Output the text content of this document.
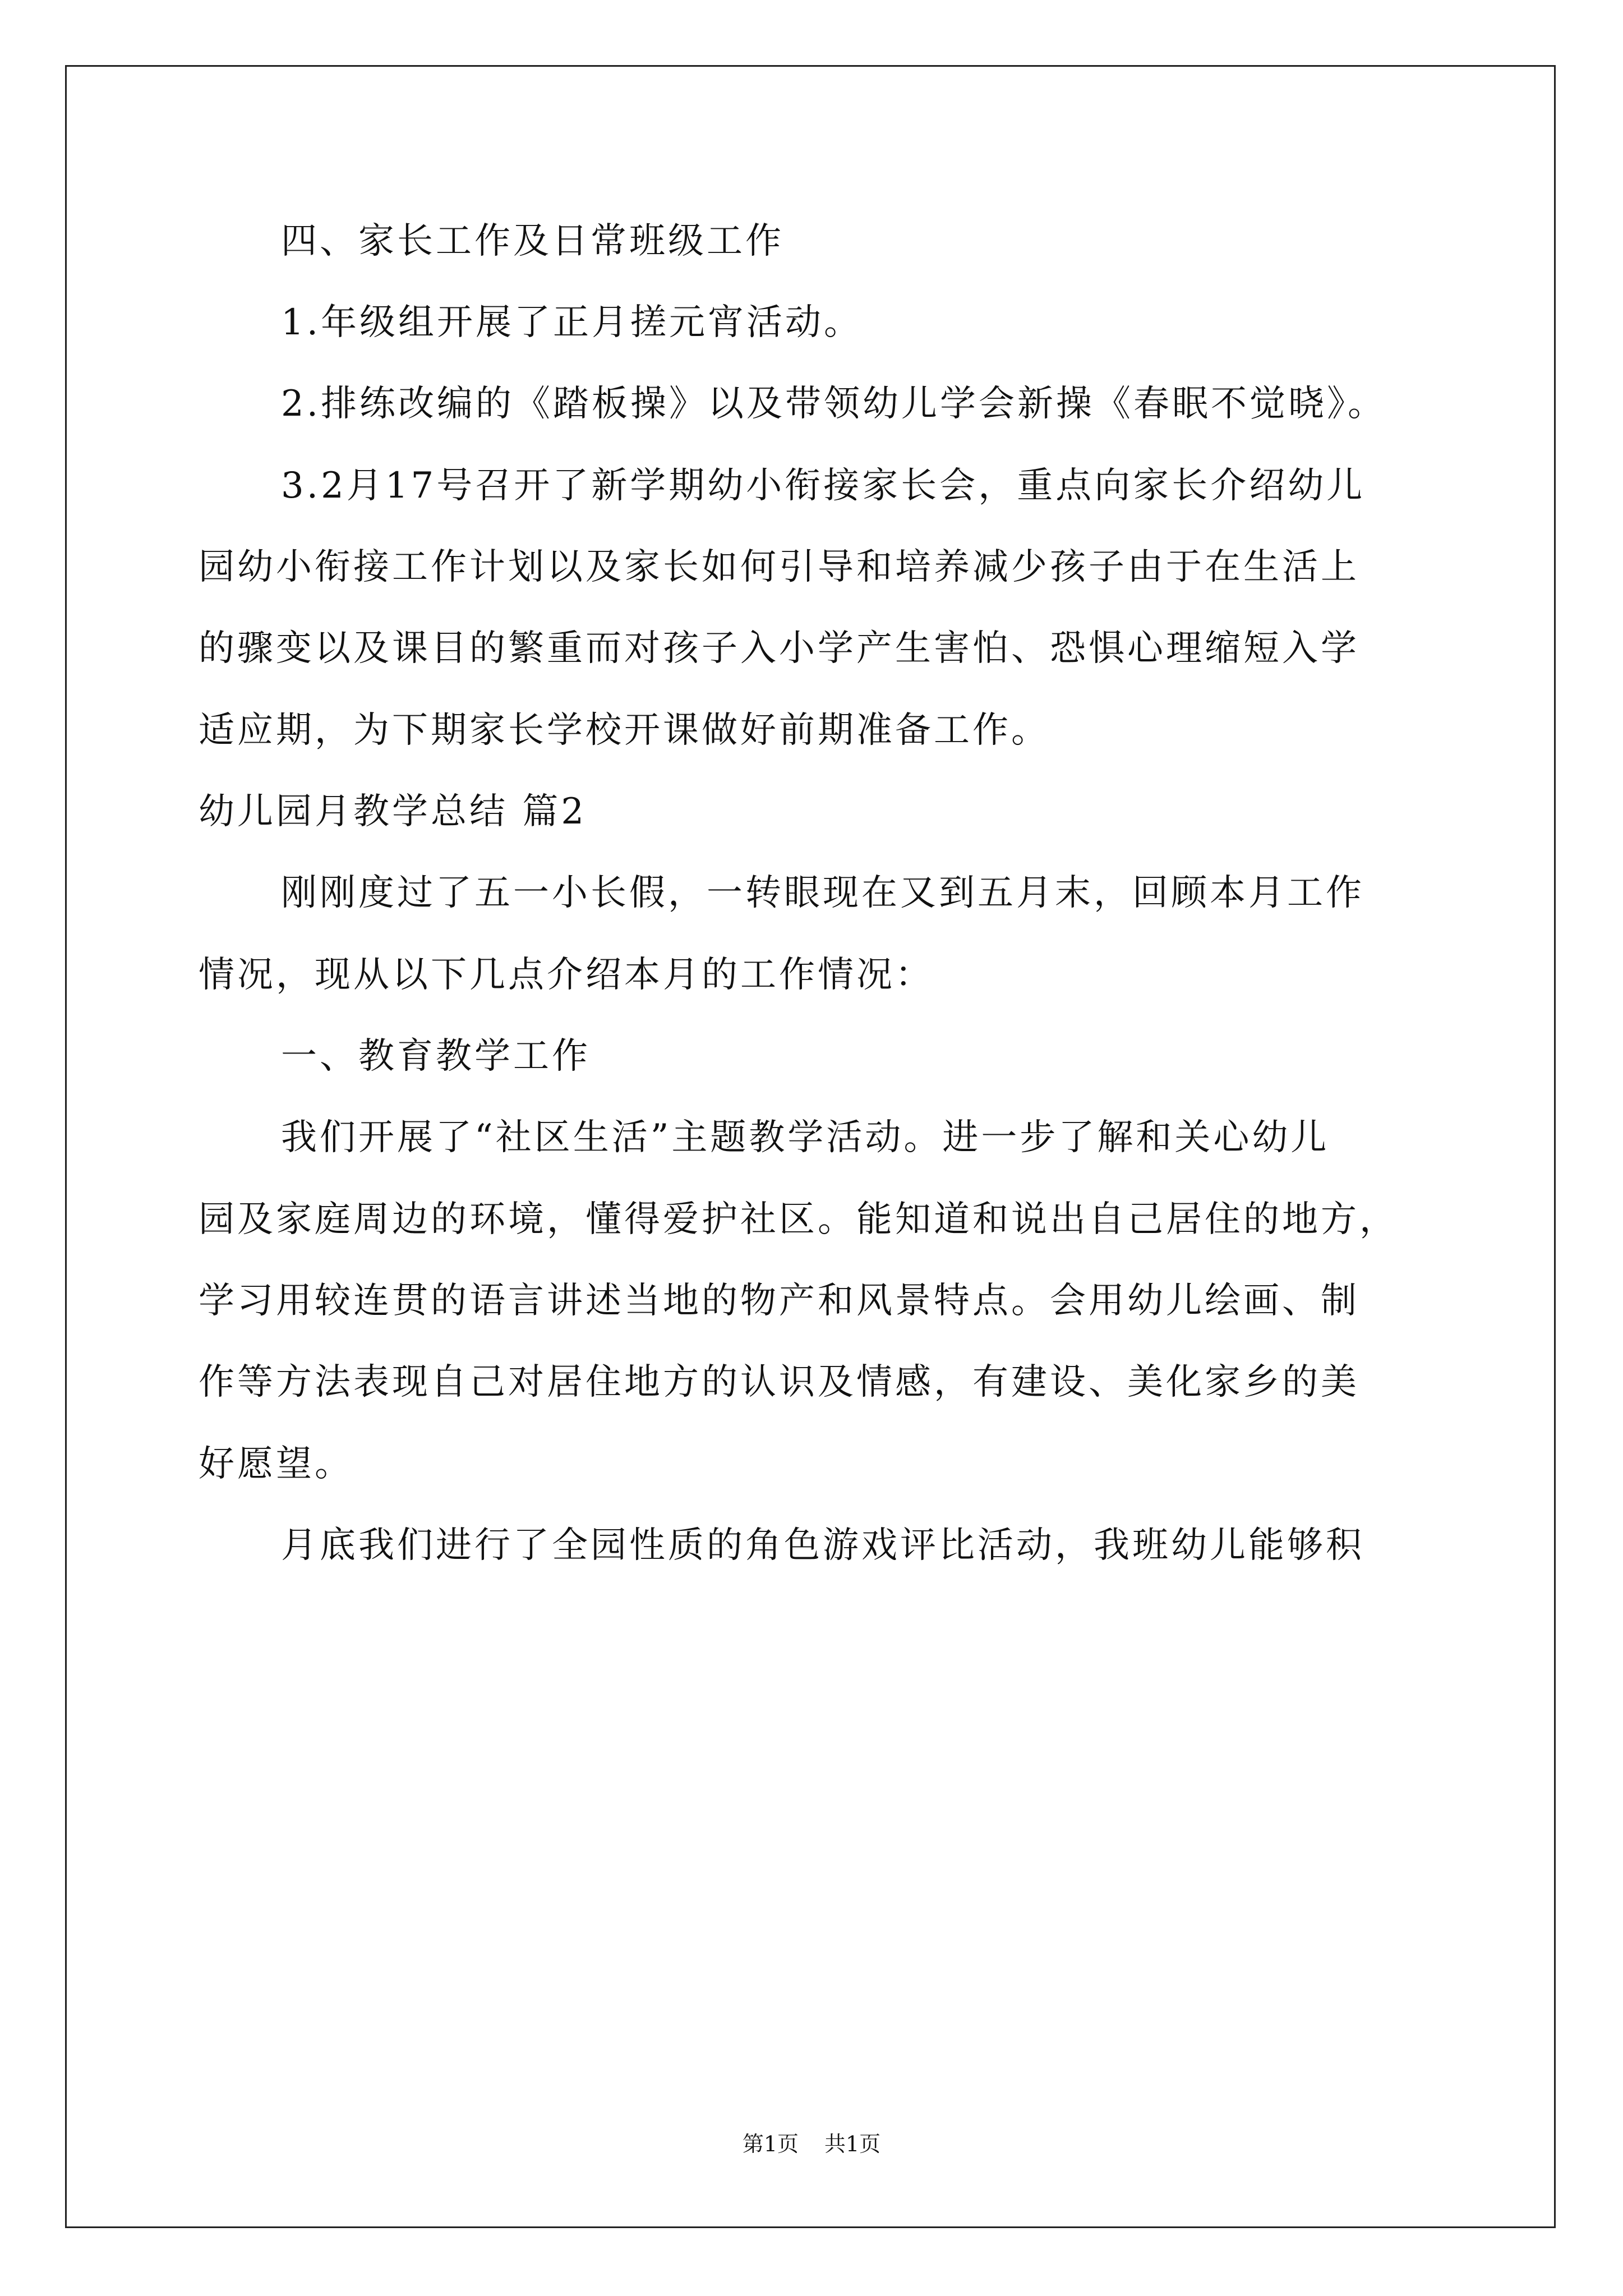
四、家长工作及日常班级工作
1.年级组开展了正月搓元宵活动。
2.排练改编的《踏板操》以及带领幼儿学会新操《春眠不觉晓》。
3.2月17号召开了新学期幼小衔接家长会，重点向家长介绍幼儿
园幼小衔接工作计划以及家长如何引导和培养减少孩子由于在生活上
的骤变以及课目的繁重而对孩子入小学产生害怕、恐惧心理缩短入学
适应期，为下期家长学校开课做好前期准备工作。
幼儿园月教学总结 篇2
刚刚度过了五一小长假，一转眼现在又到五月末，回顾本月工作
情况，现从以下几点介绍本月的工作情况：
一、教育教学工作
我们开展了“社区生活”主题教学活动。进一步了解和关心幼儿
园及家庭周边的环境，懂得爱护社区。能知道和说出自己居住的地方，
学习用较连贯的语言讲述当地的物产和风景特点。会用幼儿绘画、制
作等方法表现自己对居住地方的认识及情感，有建设、美化家乡的美
好愿望。
月底我们进行了全园性质的角色游戏评比活动，我班幼儿能够积
第1页 共1页
